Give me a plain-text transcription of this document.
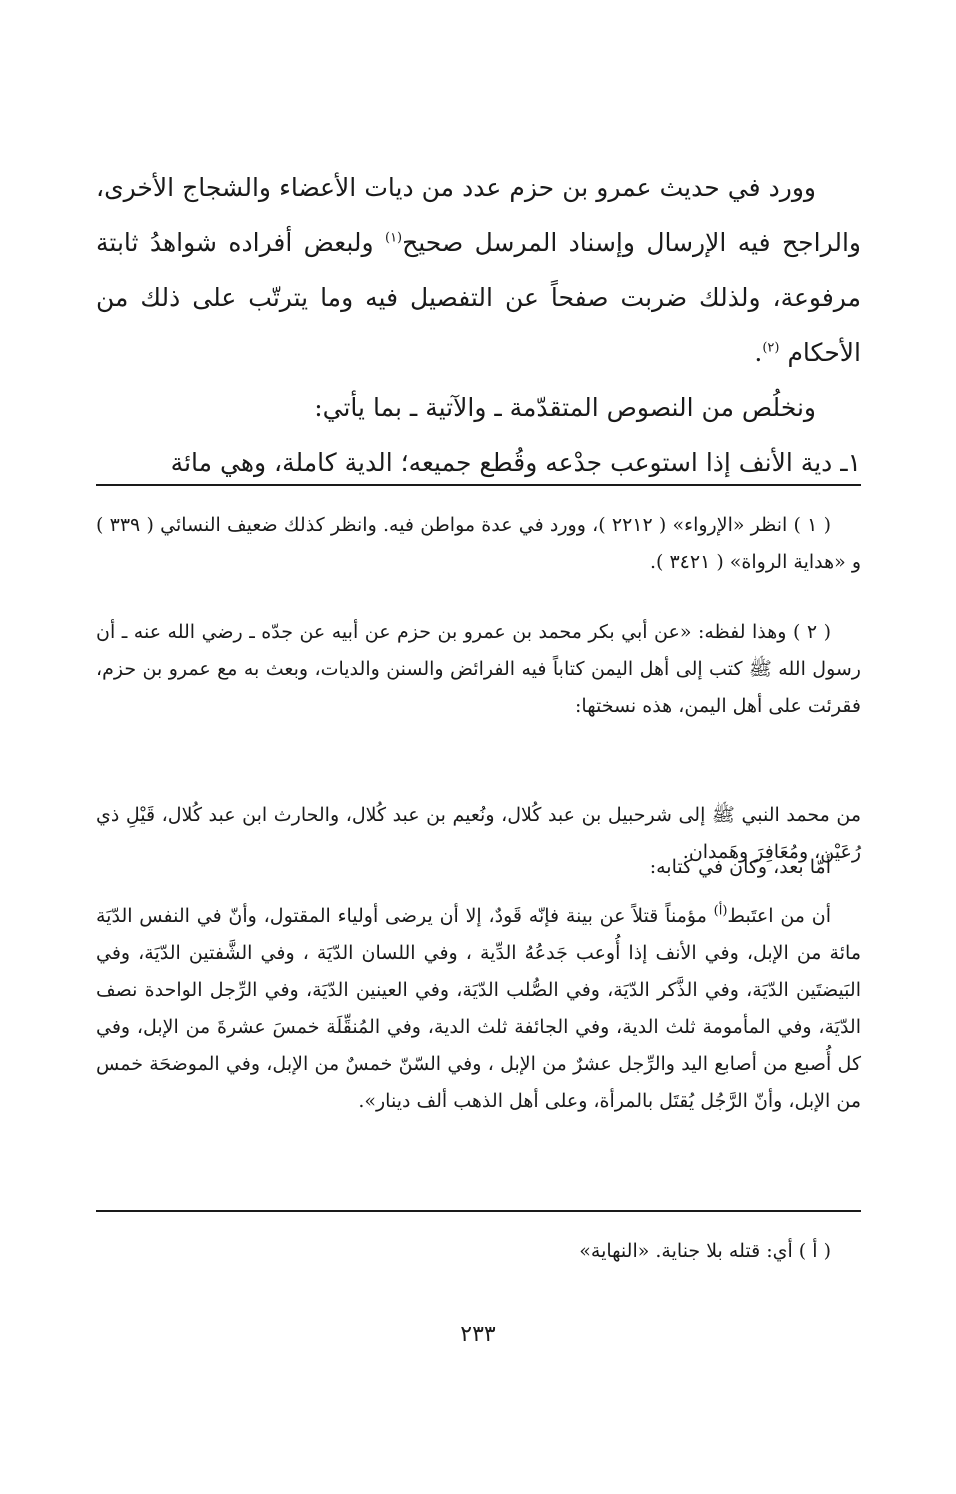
وورد في حديث عمرو بن حزم عدد من ديات الأعضاء والشجاج الأخرى، والراجح فيه الإرسال وإسناد المرسل صحيح$^{(١)}$ ولبعض أفراده شواهدُ ثابتة مرفوعة، ولذلك ضربت صفحاً عن التفصيل فيه وما يترتّب على ذلك من الأحكام $^{(٢)}$.

ونخلُص من النصوص المتقدّمة ـ والآتية ـ بما يأتي:

١ـ دية الأنف إذا استوعب جدْعه وقُطع جميعه؛ الدية كاملة، وهي مائة

( ١ ) انظر «الإرواء» ( ٢٢١٢ )، وورد في عدة مواطن فيه. وانظر كذلك ضعيف النسائي ( ٣٣٩ ) و «هداية الرواة» ( ٣٤٢١ ).

( ٢ ) وهذا لفظه: «عن أبي بكر محمد بن عمرو بن حزم عن أبيه عن جدّه ـ رضي الله عنه ـ أن رسول الله ﷺ كتب إلى أهل اليمن كتاباً فيه الفرائض والسنن والديات، وبعث به مع عمرو بن حزم، فقرئت على أهل اليمن، هذه نسختها:

من محمد النبي ﷺ إلى شرحبيل بن عبد كُلال، ونُعيم بن عبد كُلال، والحارث ابن عبد كُلال، قَيْلِ ذي رُعَيْن، ومُعَافِرَ وهَمدان.

أمّا بعد، وكان في كتابه:

أن من اعتَبط$^{(أ)}$ مؤمناً قتلاً عن بينة فإنّه قَودٌ، إلا أن يرضى أولياء المقتول، وأنّ في النفس الدّيَة مائة من الإبل، وفي الأنف إذا أُوعب جَدعُهُ الدِّية ، وفي اللسان الدّيَة ، وفي الشَّفتين الدّيَة، وفي البَيضتَين الدّيَة، وفي الذَّكر الدّيَة، وفي الصُّلب الدّيَة، وفي العينين الدّيَة، وفي الرِّجل الواحدة نصف الدّيَة، وفي المأمومة ثلث الدية، وفي الجائفة ثلث الدية، وفي المُنقِّلَة خمسَ عشرةَ من الإبل، وفي كل أُصبع من أصابع اليد والرِّجل عشرٌ من الإبل ، وفي السّنّ خمسٌ من الإبل، وفي الموضحَة خمس من الإبل، وأنّ الرَّجُل يُقتَل بالمرأة، وعلى أهل الذهب ألف دينار».

( أ ) أي: قتله بلا جناية. «النهاية»

٢٣٣
